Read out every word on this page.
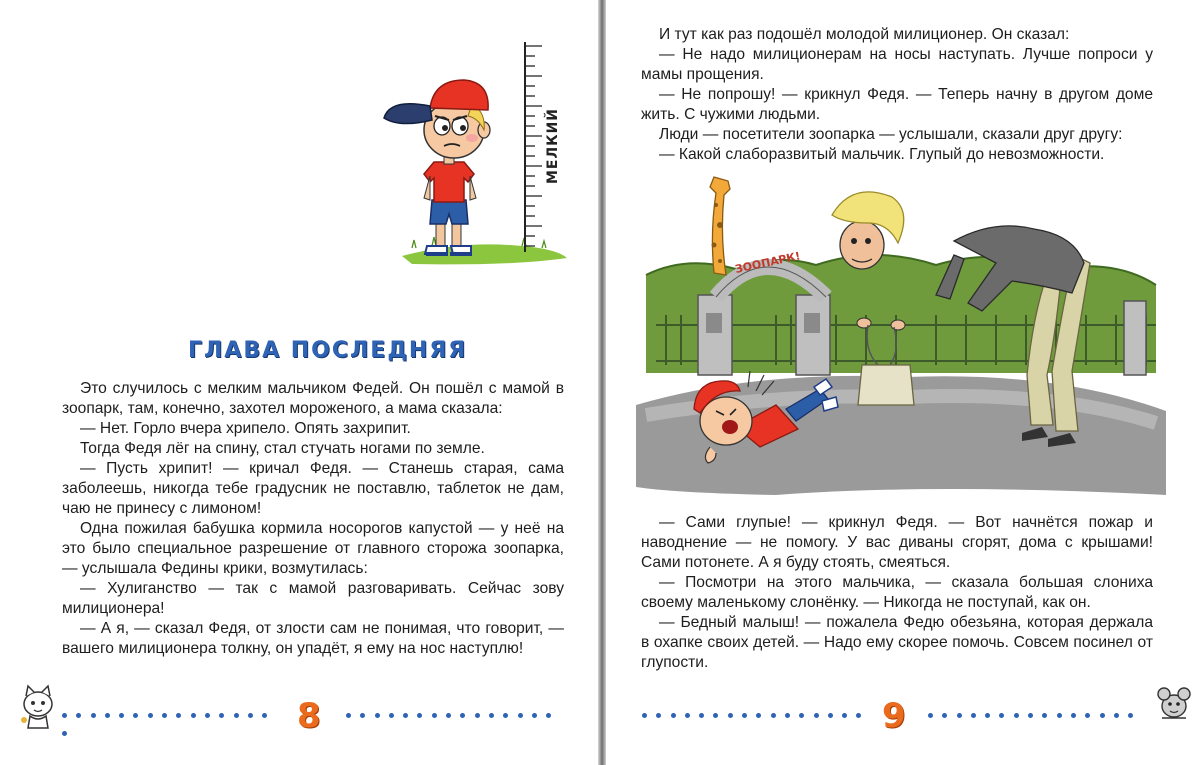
МЕЛКИЙ
ГЛАВА ПОСЛЕДНЯЯ

Это случилось с мелким мальчиком Федей. Он пошёл с мамой в зоопарк, там, конечно, захотел мороженого, а мама сказала:

— Нет. Горло вчера хрипело. Опять захрипит.

Тогда Федя лёг на спину, стал стучать ногами по земле.

— Пусть хрипит! — кричал Федя. — Станешь старая, сама заболеешь, никогда тебе градусник не поставлю, таблеток не дам, чаю не принесу с лимоном!

Одна пожилая бабушка кормила носорогов капустой — у неё на это было специальное разрешение от главного сторожа зоопарка, — услышала Федины крики, возмутилась:

— Хулиганство — так с мамой разговаривать. Сейчас зову милиционера!

— А я, — сказал Федя, от злости сам не понимая, что говорит, — вашего милиционера толкну, он упадёт, я ему на нос наступлю!

8

И тут как раз подошёл молодой милиционер. Он сказал:

— Не надо милиционерам на носы наступать. Лучше попроси у мамы прощения.

— Не попрошу! — крикнул Федя. — Теперь начну в другом доме жить. С чужими людьми.

Люди — посетители зоопарка — услышали, сказали друг другу:

— Какой слаборазвитый мальчик. Глупый до невозможности.

ЗООПАРК!

— Сами глупые! — крикнул Федя. — Вот начнётся пожар и наводнение — не помогу. У вас диваны сгорят, дома с крышами! Сами потонете. А я буду стоять, смеяться.

— Посмотри на этого мальчика, — сказала большая слониха своему маленькому слонёнку. — Никогда не поступай, как он.

— Бедный малыш! — пожалела Федю обезьяна, которая держала в охапке своих детей. — Надо ему скорее помочь. Совсем посинел от глупости.

9
